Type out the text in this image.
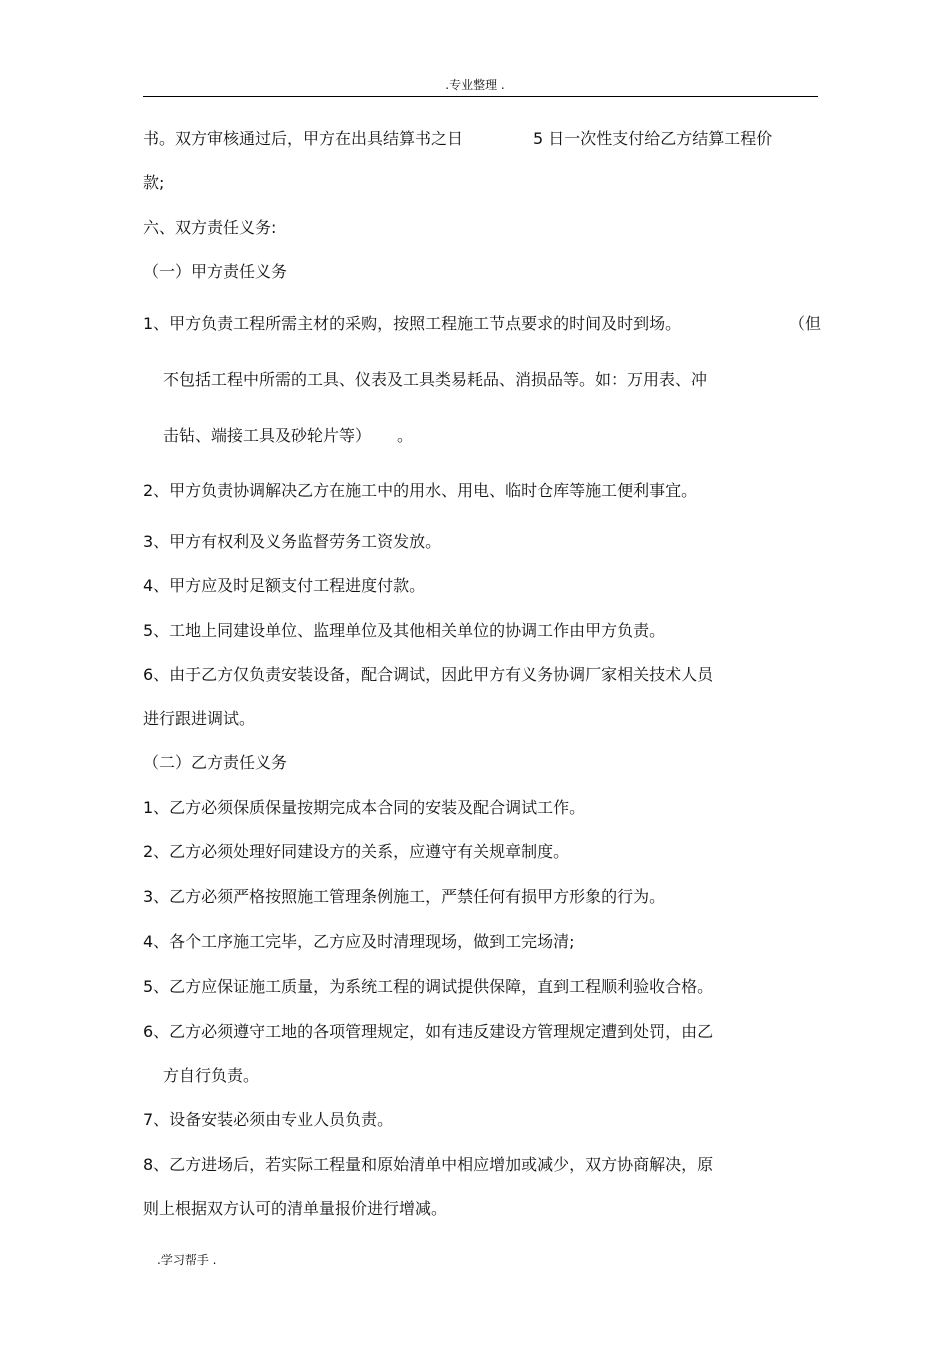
.专业整理 .
书。双方审核通过后，甲方在出具结算书之日	5 日一次性支付给乙方结算工程价
款;
六、双方责任义务:
（一）甲方责任义务
1、甲方负责工程所需主材的采购，按照工程施工节点要求的时间及时到场。	（但
不包括工程中所需的工具、仪表及工具类易耗品、消损品等。如：万用表、冲
击钻、端接工具及砂轮片等） 。
2、甲方负责协调解决乙方在施工中的用水、用电、临时仓库等施工便利事宜。
3、甲方有权利及义务监督劳务工资发放。
4、甲方应及时足额支付工程进度付款。
5、工地上同建设单位、监理单位及其他相关单位的协调工作由甲方负责。
6、由于乙方仅负责安装设备，配合调试，因此甲方有义务协调厂家相关技术人员
进行跟进调试。
（二）乙方责任义务
1、乙方必须保质保量按期完成本合同的安装及配合调试工作。
2、乙方必须处理好同建设方的关系，应遵守有关规章制度。
3、乙方必须严格按照施工管理条例施工，严禁任何有损甲方形象的行为。
4、各个工序施工完毕，乙方应及时清理现场，做到工完场清;
5、乙方应保证施工质量，为系统工程的调试提供保障，直到工程顺利验收合格。
6、乙方必须遵守工地的各项管理规定，如有违反建设方管理规定遭到处罚，由乙
方自行负责。
7、设备安装必须由专业人员负责。
8、乙方进场后，若实际工程量和原始清单中相应增加或减少，双方协商解决，原
则上根据双方认可的清单量报价进行增减。
.学习帮手 .
